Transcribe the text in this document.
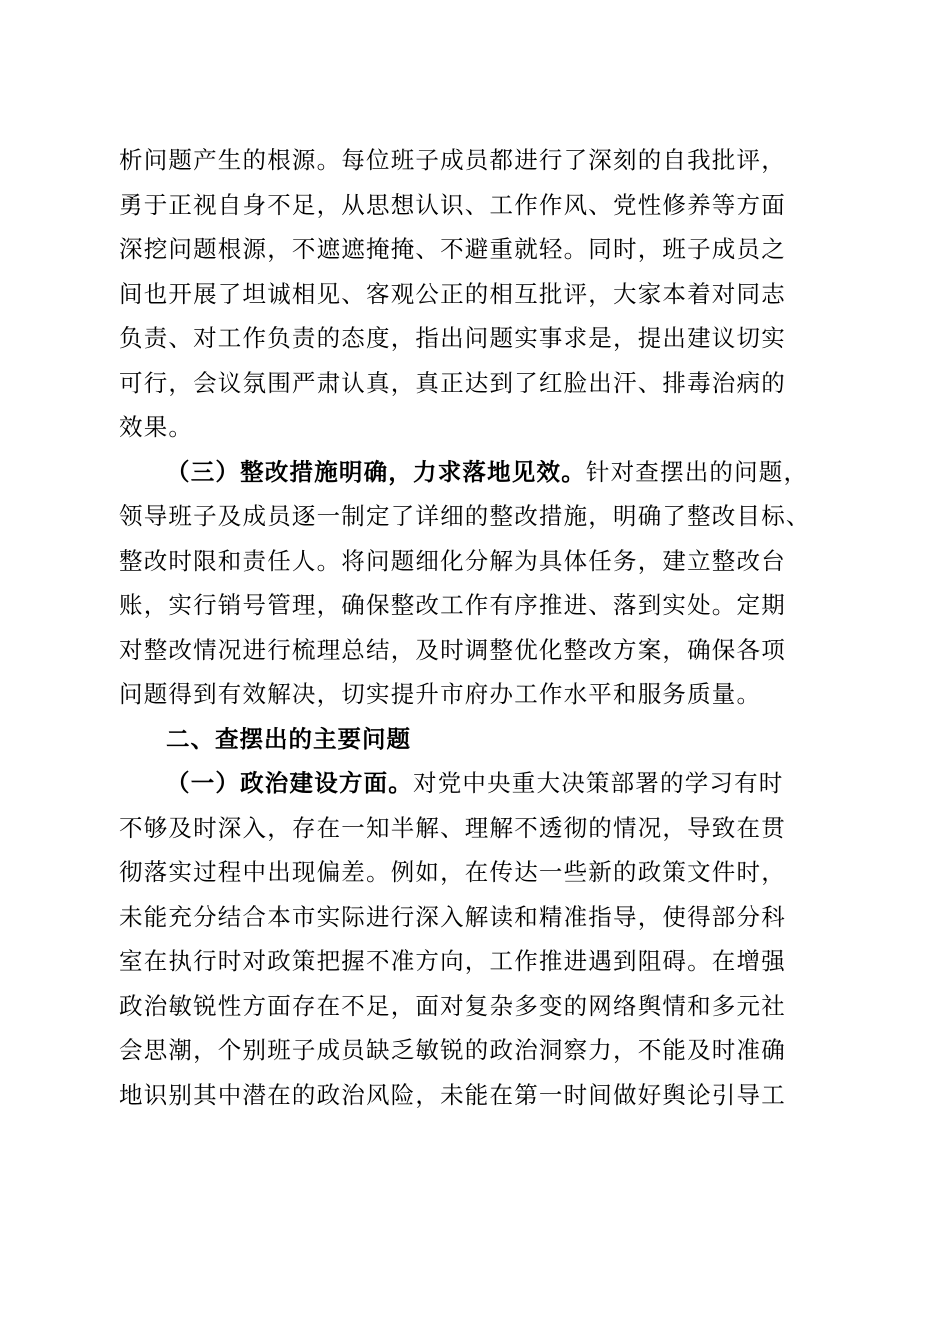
析问题产生的根源。每位班子成员都进行了深刻的自我批评，
勇于正视自身不足，从思想认识、工作作风、党性修养等方面
深挖问题根源，不遮遮掩掩、不避重就轻。同时，班子成员之
间也开展了坦诚相见、客观公正的相互批评，大家本着对同志
负责、对工作负责的态度，指出问题实事求是，提出建议切实
可行，会议氛围严肃认真，真正达到了红脸出汗、排毒治病的
效果。
（三）整改措施明确，力求落地见效。针对查摆出的问题，
领导班子及成员逐一制定了详细的整改措施，明确了整改目标、
整改时限和责任人。将问题细化分解为具体任务，建立整改台
账，实行销号管理，确保整改工作有序推进、落到实处。定期
对整改情况进行梳理总结，及时调整优化整改方案，确保各项
问题得到有效解决，切实提升市府办工作水平和服务质量。
二、查摆出的主要问题
（一）政治建设方面。对党中央重大决策部署的学习有时
不够及时深入，存在一知半解、理解不透彻的情况，导致在贯
彻落实过程中出现偏差。例如，在传达一些新的政策文件时，
未能充分结合本市实际进行深入解读和精准指导，使得部分科
室在执行时对政策把握不准方向，工作推进遇到阻碍。在增强
政治敏锐性方面存在不足，面对复杂多变的网络舆情和多元社
会思潮，个别班子成员缺乏敏锐的政治洞察力，不能及时准确
地识别其中潜在的政治风险，未能在第一时间做好舆论引导工
